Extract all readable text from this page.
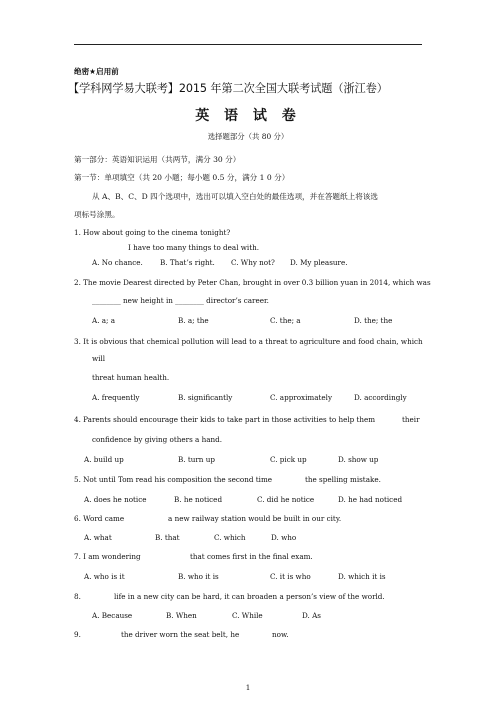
绝密★启用前
【学科网学易大联考】2015 年第二次全国大联考试题（浙江卷）
英 语 试 卷
选择题部分（共 80 分）
第一部分：英语知识运用（共两节，满分 30 分）
第一节：单项填空（共 20 小题；每小题 0.5 分，满分 1 0 分）
从 A、B、C、D 四个选项中，选出可以填入空白处的最佳选项，并在答题纸上将该选
项标号涂黑。
1. How about going to the cinema tonight?
I have too many things to deal with.
A. No chance. B. That’s right. C. Why not? D. My pleasure.
2. The movie Dearest directed by Peter Chan, brought in over 0.3 billion yuan in 2014, which was
________ new height in ________ director’s career.
A. a; a	B. a; the	C. the; a	D. the; the
3. It is obvious that chemical pollution will lead to a threat to agriculture and food chain, which
will
threat human health.
A. frequently	B. significantly	C. approximately	D. accordingly
4. Parents should encourage their kids to take part in those activities to help them	their
confidence by giving others a hand.
A. build up	B. turn up	C. pick up	D. show up
5. Not until Tom read his composition the second time	the spelling mistake.
A. does he notice	B. he noticed	C. did he notice	D. he had noticed
6. Word came	a new railway station would be built in our city.
A. what	B. that	C. which	D. who
7. I am wondering	that comes first in the final exam.
A. who is it	B. who it is	C. it is who	D. which it is
8.	life in a new city can be hard, it can broaden a person’s view of the world.
A. Because	B. When	C. While	D. As
9.	the driver worn the seat belt, he	now.
1
